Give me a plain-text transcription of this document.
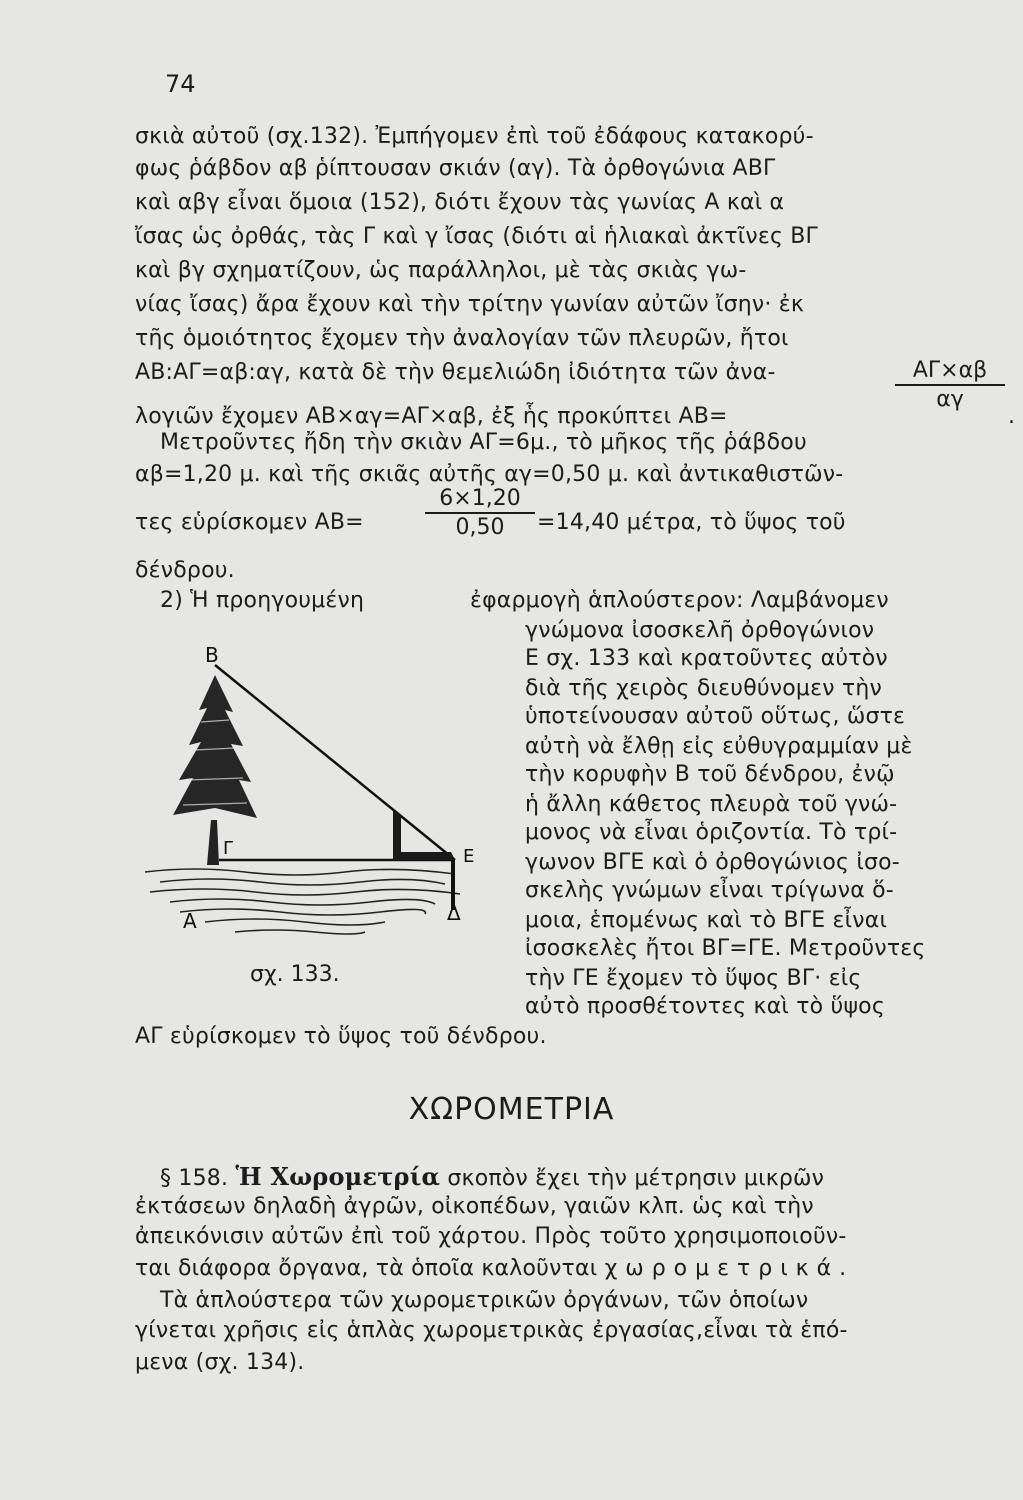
74
σκιὰ αὐτοῦ (σχ.132). Ἐμπήγομεν ἐπὶ τοῦ ἐδάφους κατακορύ-
φως ῥάβδον αβ ῥίπτουσαν σκιάν (αγ). Τὰ ὀρθογώνια ΑΒΓ
καὶ αβγ εἶναι ὅμοια (152), διότι ἔχουν τὰς γωνίας Α καὶ α
ἴσας ὡς ὀρθάς, τὰς Γ καὶ γ ἴσας (διότι αἱ ἡλιακαὶ ἀκτῖνες ΒΓ
καὶ βγ σχηματίζουν, ὡς παράλληλοι, μὲ τὰς σκιὰς γω-
νίας ἴσας) ἄρα ἔχουν καὶ τὴν τρίτην γωνίαν αὐτῶν ἴσην· ἐκ
τῆς ὁμοιότητος ἔχομεν τὴν ἀναλογίαν τῶν πλευρῶν, ἤτοι
ΑΒ:ΑΓ=αβ:αγ, κατὰ δὲ τὴν θεμελιώδη ἰδιότητα τῶν ἀνα-
λογιῶν ἔχομεν ΑΒ×αγ=ΑΓ×αβ, ἐξ ἧς προκύπτει ΑΒ=
ΑΓ×αβ
αγ
.
Μετροῦντες ἤδη τὴν σκιὰν ΑΓ=6μ., τὸ μῆκος τῆς ῥάβδου
αβ=1,20 μ. καὶ τῆς σκιᾶς αὐτῆς αγ=0,50 μ. καὶ ἀντικαθιστῶν-
τες εὑρίσκομεν ΑΒ=
6×1,20
0,50	=14,40 μέτρα, τὸ ὕψος τοῦ
δένδρου.
2) Ἡ προηγουμένη	ἐφαρμογὴ ἁπλούστερον: Λαμβάνομεν
γνώμονα ἰσοσκελῆ ὀρθογώνιον
Ε σχ. 133 καὶ κρατοῦντες αὐτὸν
διὰ τῆς χειρὸς διευθύνομεν τὴν
ὑποτείνουσαν αὐτοῦ οὕτως, ὥστε
αὐτὴ νὰ ἔλθῃ εἰς εὐθυγραμμίαν μὲ
τὴν κορυφὴν Β τοῦ δένδρου, ἐνῷ
ἡ ἄλλη κάθετος πλευρὰ τοῦ γνώ-
μονος νὰ εἶναι ὁριζοντία. Τὸ τρί-
γωνον ΒΓΕ καὶ ὁ ὀρθογώνιος ἰσο-
σκελὴς γνώμων εἶναι τρίγωνα ὅ-
μοια, ἑπομένως καὶ τὸ ΒΓΕ εἶναι
ἰσοσκελὲς ἤτοι ΒΓ=ΓΕ. Μετροῦντες
τὴν ΓΕ ἔχομεν τὸ ὕψος ΒΓ· εἰς
αὐτὸ προσθέτοντες καὶ τὸ ὕψος
ΑΓ εὑρίσκομεν τὸ ὕψος τοῦ δένδρου.
Β
Γ	Ε
Α	Δ
σχ. 133.
ΧΩΡΟΜΕΤΡΙΑ
§ 158. Ἡ Χωρομετρία σκοπὸν ἔχει τὴν μέτρησιν μικρῶν
ἐκτάσεων δηλαδὴ ἀγρῶν, οἰκοπέδων, γαιῶν κλπ. ὡς καὶ τὴν
ἀπεικόνισιν αὐτῶν ἐπὶ τοῦ χάρτου. Πρὸς τοῦτο χρησιμοποιοῦν-
ται διάφορα ὄργανα, τὰ ὁποῖα καλοῦνται χωρομετρικά.
Τὰ ἁπλούστερα τῶν χωρομετρικῶν ὀργάνων, τῶν ὁποίων
γίνεται χρῆσις εἰς ἁπλὰς χωρομετρικὰς ἐργασίας,εἶναι τὰ ἑπό-
μενα (σχ. 134).
